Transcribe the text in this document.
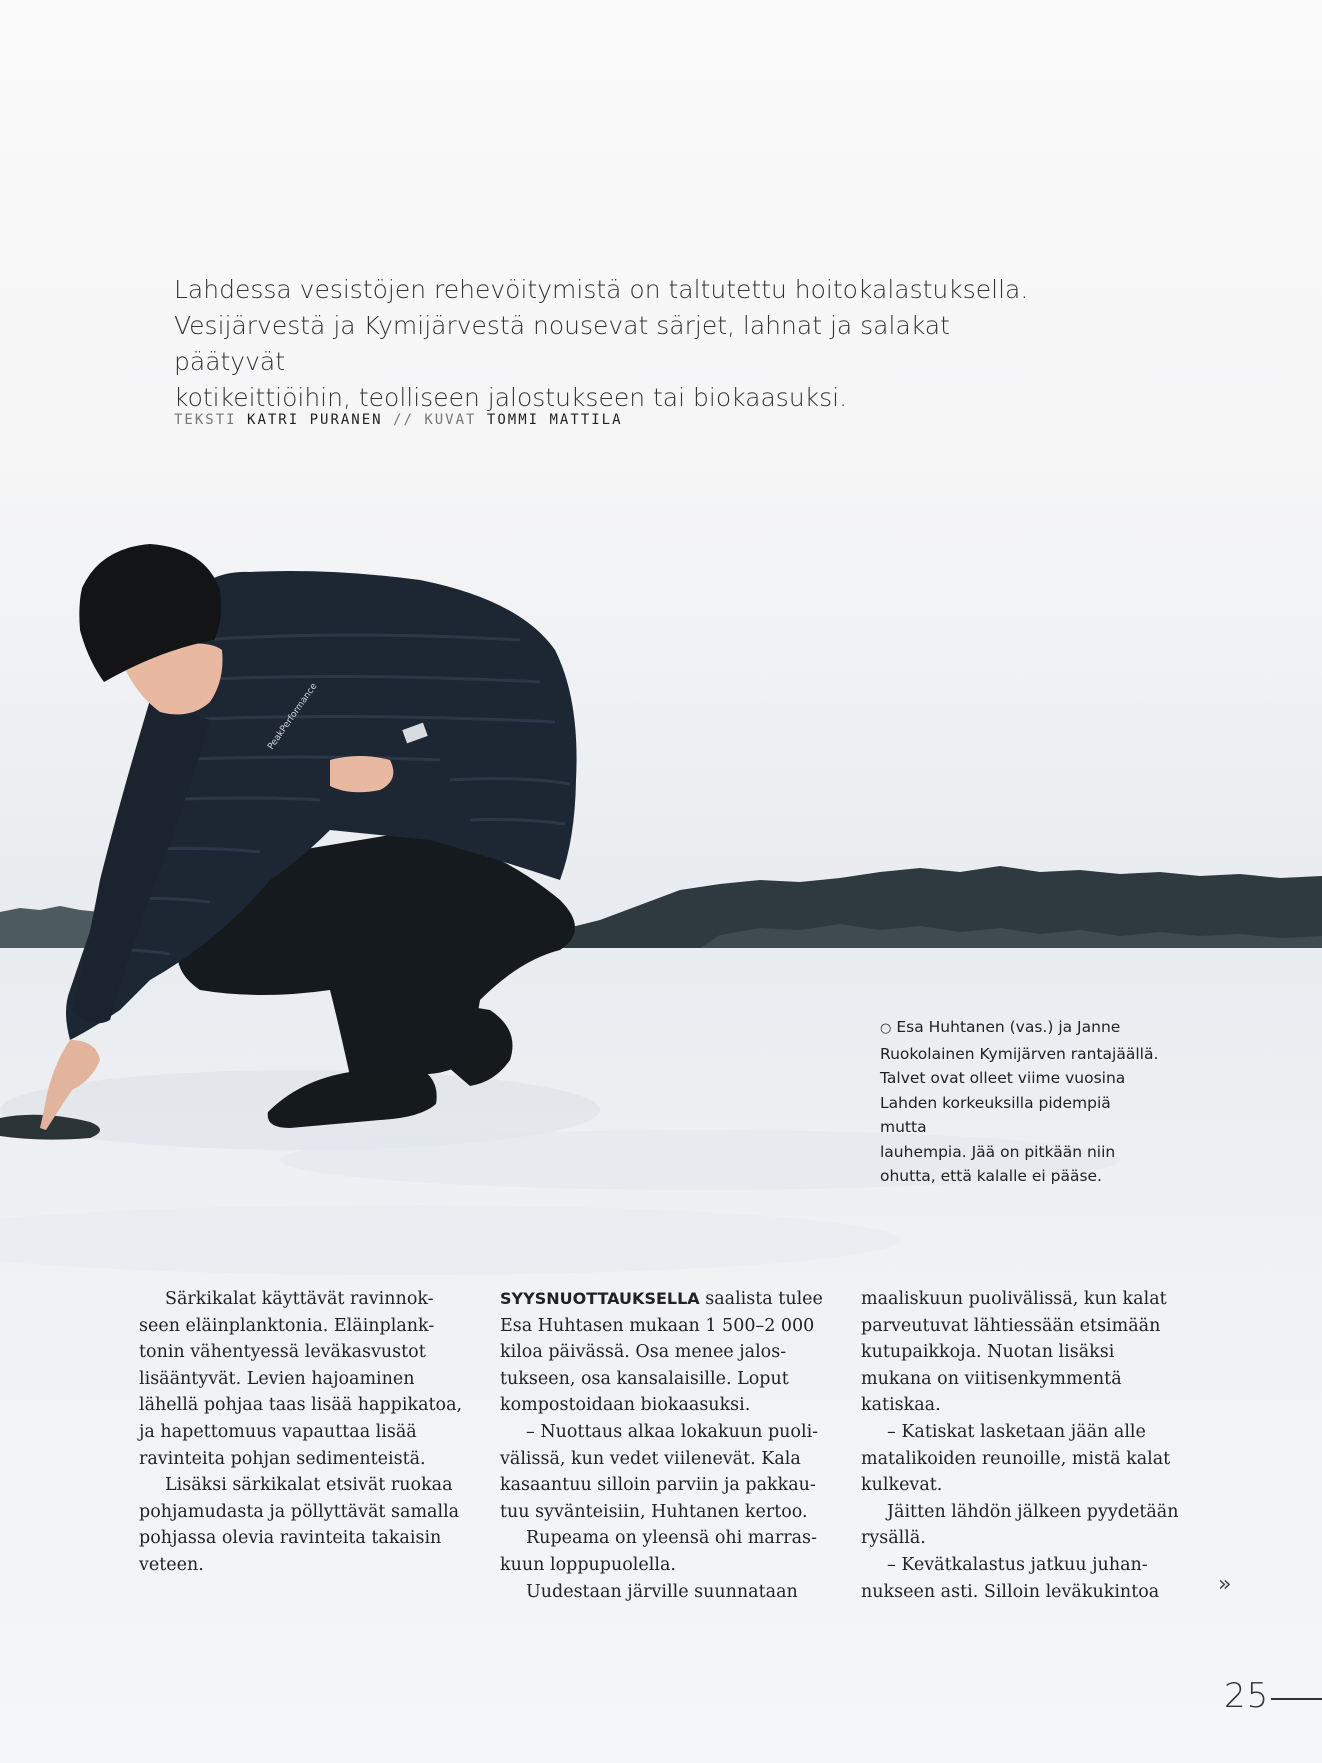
PeakPerformance

Lahdessa vesistöjen rehevöitymistä on taltutettu hoitokalastuksella.
Vesijärvestä ja Kymijärvestä nousevat särjet, lahnat ja salakat päätyvät
kotikeittiöihin, teolliseen jalostukseen tai biokaasuksi.

TEKSTI KATRI PURANEN // KUVAT TOMMI MATTILA
○ Esa Huhtanen (vas.) ja Janne
Ruokolainen Kymijärven rantajäällä.
Talvet ovat olleet viime vuosina
Lahden korkeuksilla pidempiä mutta
lauhempia. Jää on pitkään niin
ohutta, että kalalle ei pääse.

Särkikalat käyttävät ravinnok-
seen eläinplanktonia. Eläinplank-
tonin vähentyessä leväkasvustot
lisääntyvät. Levien hajoaminen
lähellä pohjaa taas lisää happikatoa,
ja hapettomuus vapauttaa lisää
ravinteita pohjan sedimenteistä.

Lisäksi särkikalat etsivät ruokaa
pohjamudasta ja pöllyttävät samalla
pohjassa olevia ravinteita takaisin
veteen.

SYYSNUOTTAUKSELLA saalista tulee
Esa Huhtasen mukaan 1 500–2 000
kiloa päivässä. Osa menee jalos-
tukseen, osa kansalaisille. Loput
kompostoidaan biokaasuksi.

– Nuottaus alkaa lokakuun puoli-
välissä, kun vedet viilenevät. Kala
kasaantuu silloin parviin ja pakkau-
tuu syvänteisiin, Huhtanen kertoo.

Rupeama on yleensä ohi marras-
kuun loppupuolella.

Uudestaan järville suunnataan

maaliskuun puolivälissä, kun kalat
parveutuvat lähtiessään etsimään
kutupaikkoja. Nuotan lisäksi
mukana on viitisenkymmentä
katiskaa.

– Katiskat lasketaan jään alle
matalikoiden reunoille, mistä kalat
kulkevat.

Jäitten lähdön jälkeen pyydetään
rysällä.

– Kevätkalastus jatkuu juhan-
nukseen asti. Silloin leväkukintoa	»
25
